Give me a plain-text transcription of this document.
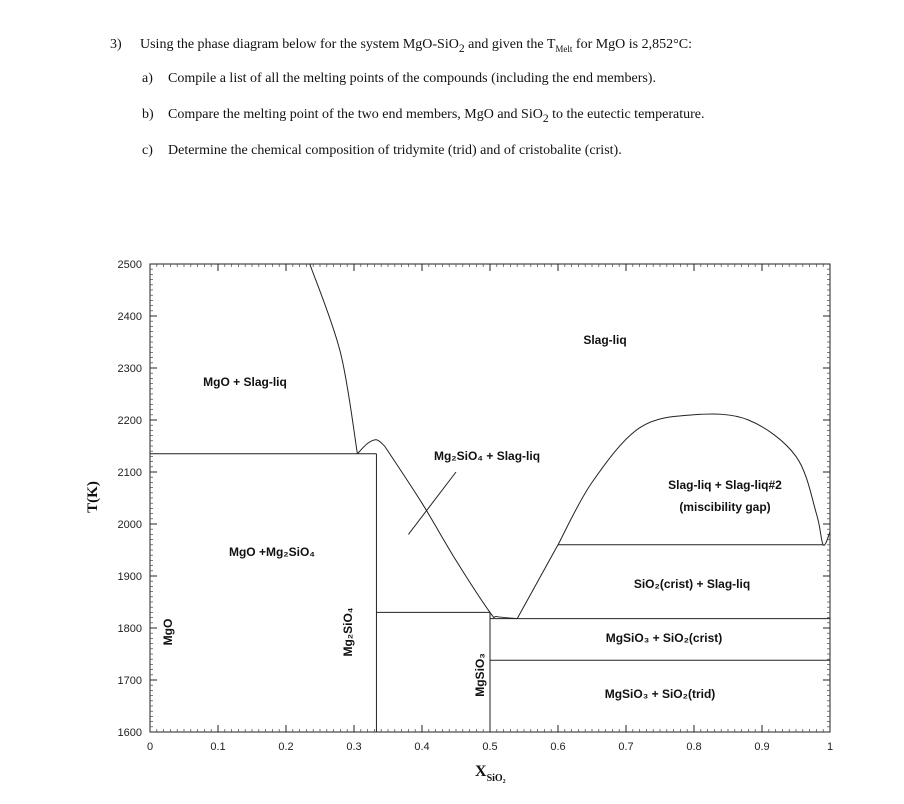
3) Using the phase diagram below for the system MgO-SiO$_2$ and given the $T_{Melt}$ for MgO is 2,852°C:
a) Compile a list of all the melting points of the compounds (including the end members).
b) Compare the melting point of the two end members, MgO and SiO$_2$ to the eutectic temperature.
c) Determine the chemical composition of tridymite (trid) and of cristobalite (crist).
0	0.1	0.2	0.3	0.4	0.5	0.6	0.7	0.8	0.9	1
1600
1700
1800
1900
2000
2100
2200
2300
2400
2500
$X_{SiO_2}$
T(K)
MgO	Mg₂SiO₄
MgSiO₃
MgO + Slag-liq
Slag-liq
Mg₂SiO₄ + Slag-liq
MgO +Mg₂SiO₄
Slag-liq + Slag-liq#2
(miscibility gap)
SiO₂(crist) + Slag-liq
MgSiO₃ + SiO₂(crist)
MgSiO₃ + SiO₂(trid)
